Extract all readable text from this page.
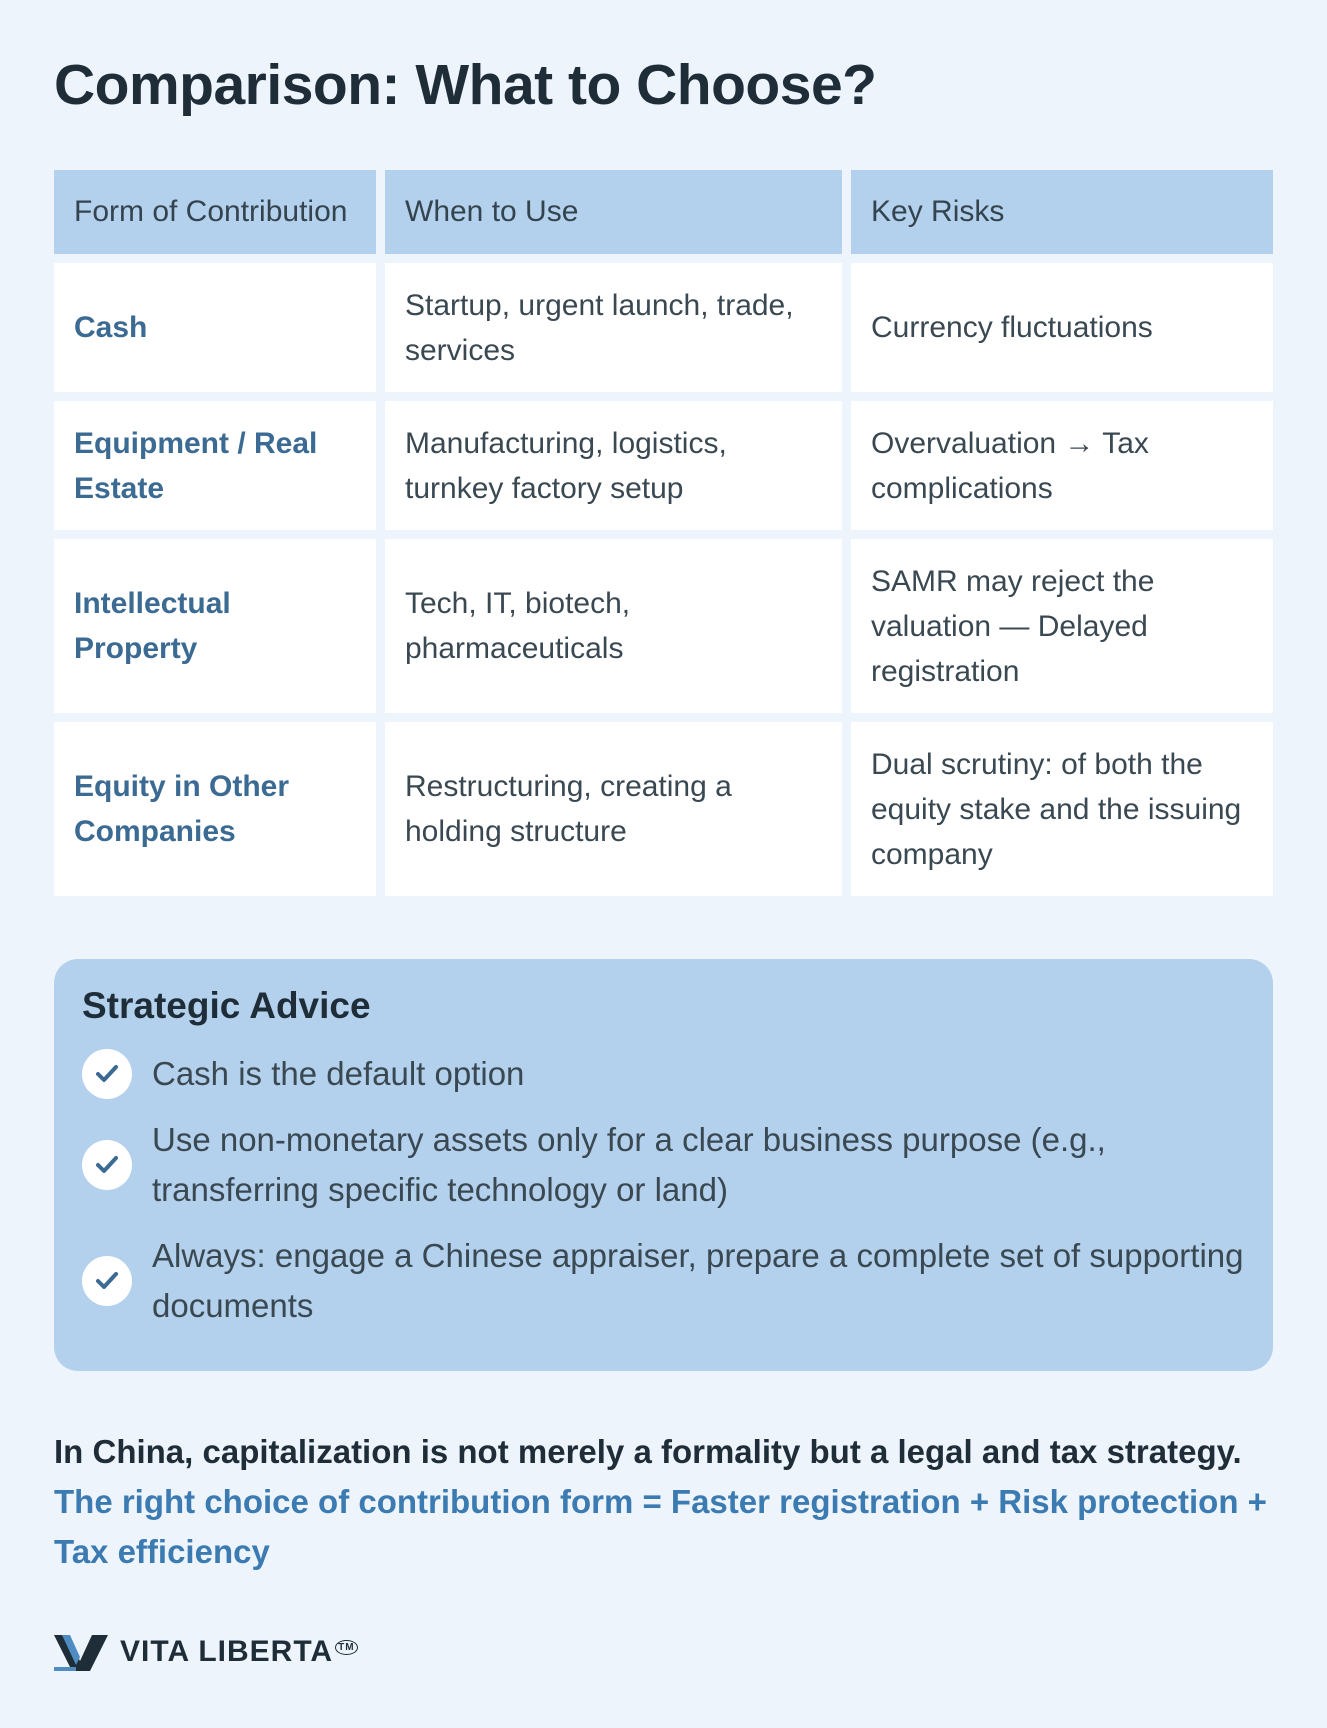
Comparison: What to Choose?
Form of Contribution	When to Use	Key Risks
Cash	Startup, urgent launch, trade, services	Currency fluctuations
Equipment / Real Estate	Manufacturing, logistics, turnkey factory setup	Overvaluation → Tax complications
Intellectual Property	Tech, IT, biotech, pharmaceuticals	SAMR may reject the valuation — Delayed registration
Equity in Other Companies	Restructuring, creating a holding structure	Dual scrutiny: of both the equity stake and the issuing company
Strategic Advice
Cash is the default option
Use non-monetary assets only for a clear business purpose (e.g., transferring specific technology or land)
Always: engage a Chinese appraiser, prepare a complete set of supporting documents
In China, capitalization is not merely a formality but a legal and tax strategy.
The right choice of contribution form = Faster registration + Risk protection + Tax efficiency
VITA LIBERTA ™
